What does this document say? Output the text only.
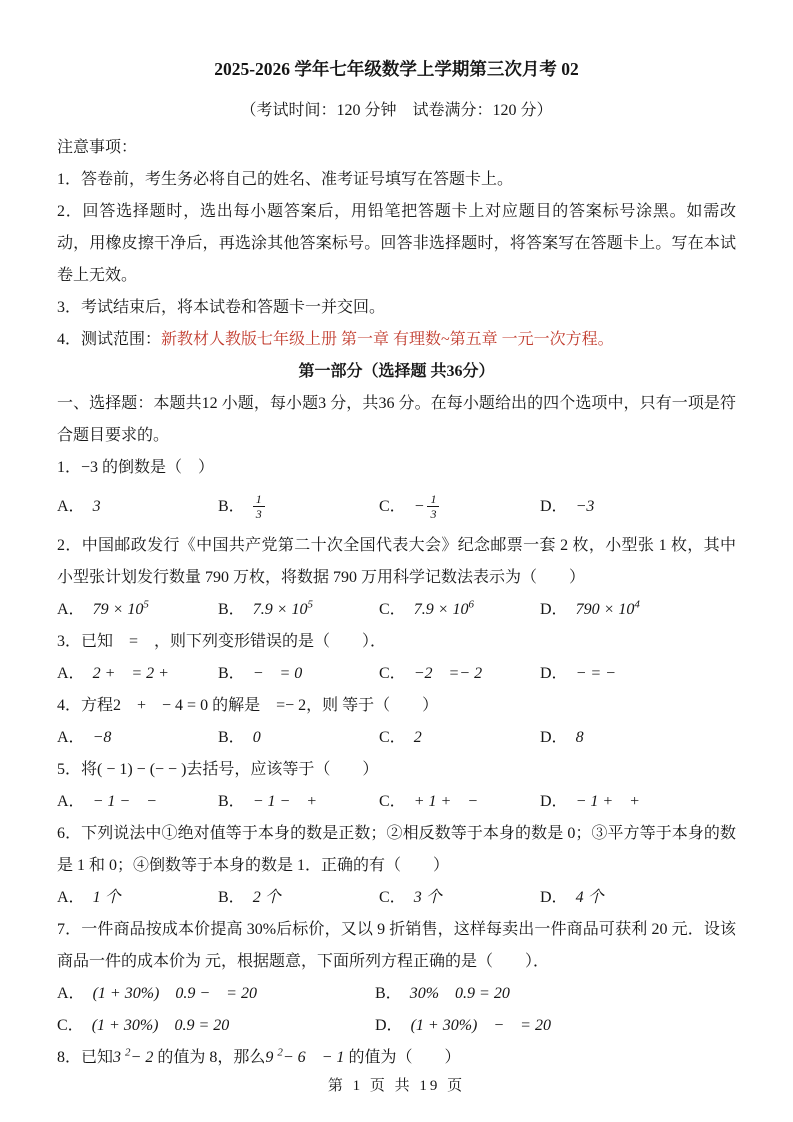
2025-2026 学年七年级数学上学期第三次月考 02

（考试时间：120 分钟　试卷满分：120 分）

注意事项：

1．答卷前，考生务必将自己的姓名、准考证号填写在答题卡上。

2．回答选择题时，选出每小题答案后，用铅笔把答题卡上对应题目的答案标号涂黑。如需改动，用橡皮擦干净后，再选涂其他答案标号。回答非选择题时，将答案写在答题卡上。写在本试卷上无效。

3．考试结束后，将本试卷和答题卡一并交回。

4．测试范围：新教材人教版七年级上册 第一章 有理数~第五章 一元一次方程。

第一部分（选择题 共36分）

一、选择题：本题共12 小题，每小题3 分，共36 分。在每小题给出的四个选项中，只有一项是符合题目要求的。

1．−3 的倒数是（　）

A． 3	B． $\frac{1}{3}$	C． − $\frac{1}{3}$	D． −3

2．中国邮政发行《中国共产党第二十次全国代表大会》纪念邮票一套 2 枚，小型张 1 枚，其中小型张计划发行数量 790 万枚，将数据 790 万用科学记数法表示为（　　）

A． $79 \times 10^5$	B． $7.9 \times 10^5$	C． $7.9 \times 10^6$	D． $790 \times 10^4$

3．已知　=　，则下列变形错误的是（　　）．

A． 2 +　= 2 +	B． −　= 0	C． −2　=− 2	D． − = −

4．方程2　+　− 4 = 0 的解是　=− 2，则 等于（　　）

A． −8	B． 0	C． 2	D． 8

5．将( − 1) − (− − )去括号，应该等于（　　）

A． − 1 −　−	B． − 1 −　+	C． + 1 +　−	D． − 1 +　+

6．下列说法中①绝对值等于本身的数是正数；②相反数等于本身的数是 0；③平方等于本身的数是 1 和 0；④倒数等于本身的数是 1．正确的有（　　）

A． 1 个	B． 2 个	C． 3 个	D． 4 个

7．一件商品按成本价提高 30%后标价，又以 9 折销售，这样每卖出一件商品可获利 20 元．设该商品一件的成本价为 元，根据题意，下面所列方程正确的是（　　）．

A． (1 + 30%)　0.9 −　= 20	B． 30%　0.9 = 20
C． (1 + 30%)　0.9 = 20	D． (1 + 30%)　−　= 20

8．已知3 $^2$− 2 的值为 8，那么9 $^2$− 6　− 1 的值为（　　）

第 1 页 共 19 页
